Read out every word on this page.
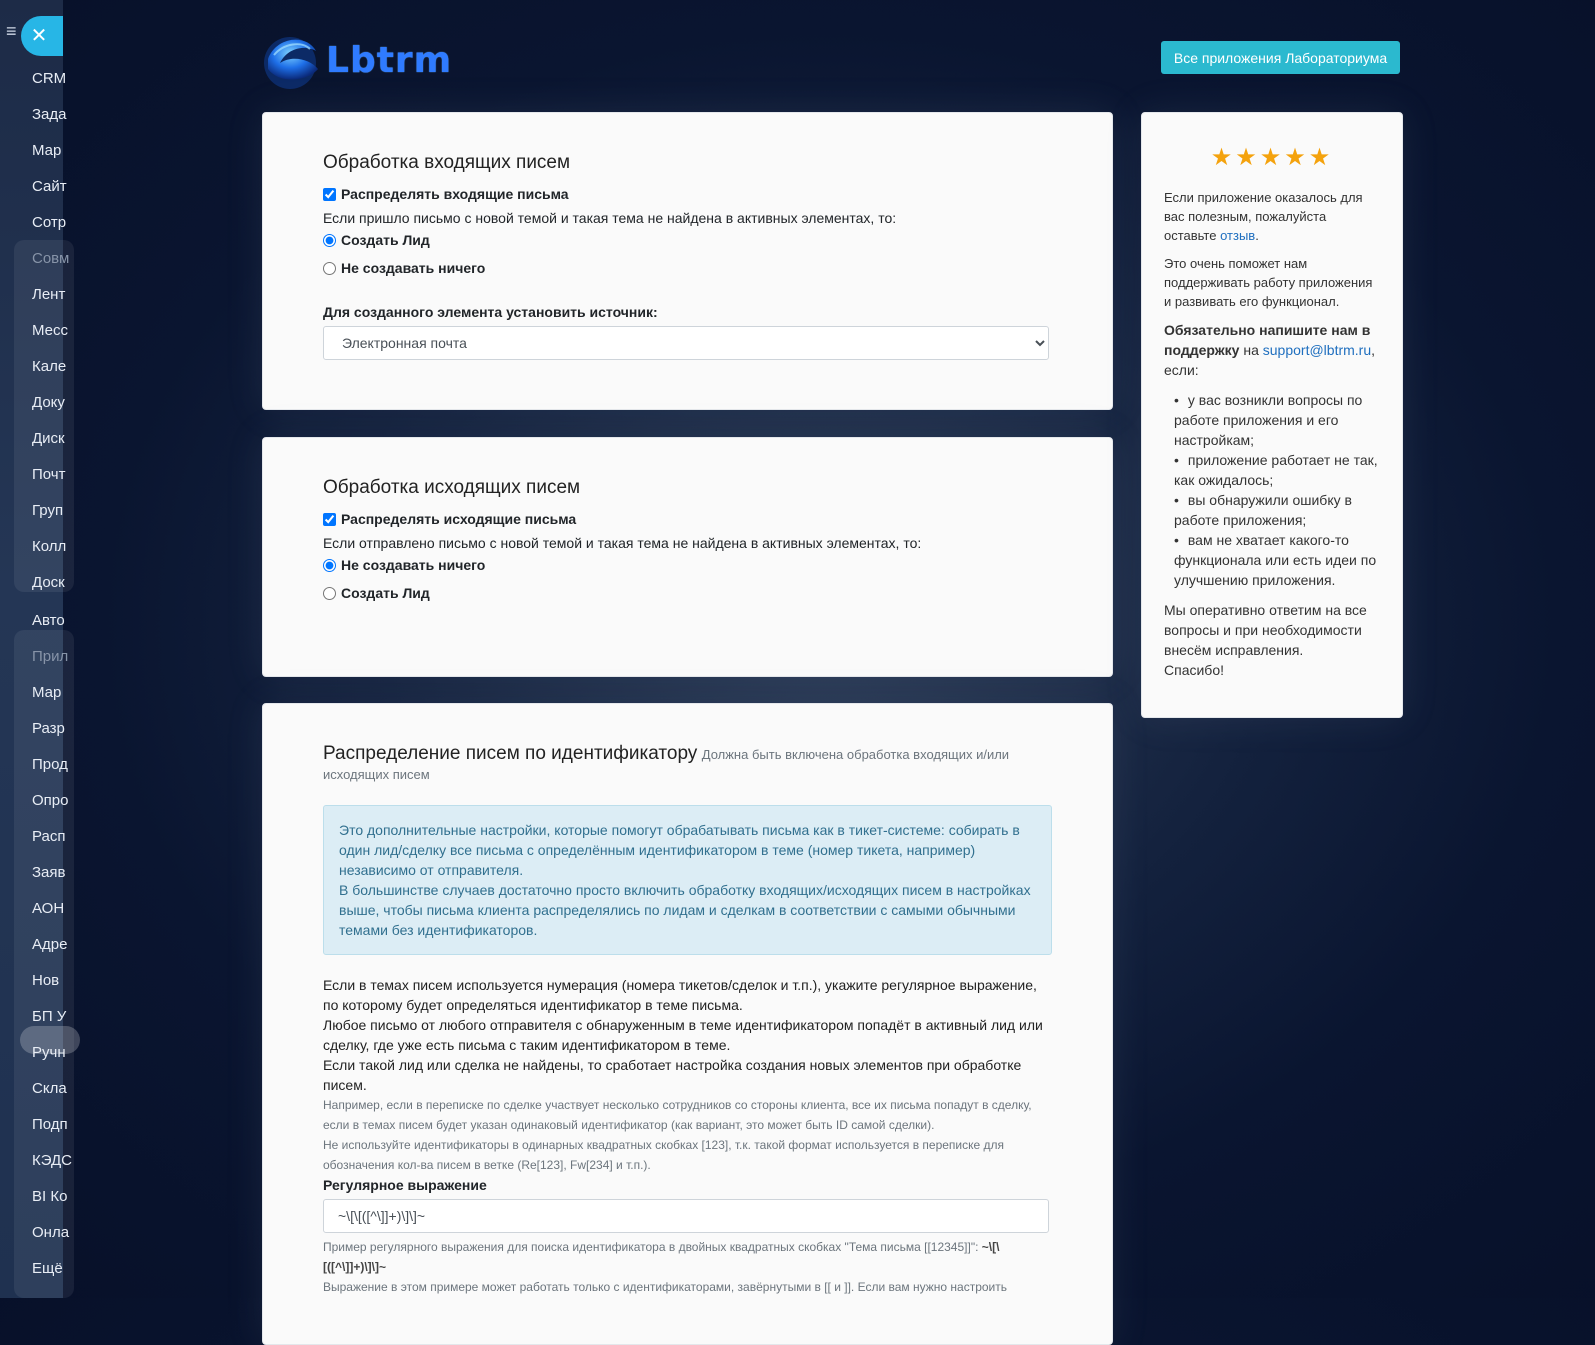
≡
CRM
Зада
Мар
Сайт
Сотр
Совм
Лент
Месс
Кале
Доку
Диск
Почт
Груп
Колл
Доск
Авто
Прил
Мар
Разр
Прод
Опро
Расп
Заяв
АОН
Адре
Нов
БП У
Ручн
Скла
Подп
КЭДС
BI Ко
Онла
Ещё
✕
Lbtrm	Все приложения Лабораториума
Обработка входящих писем
Распределять входящие письма
Если пришло письмо с новой темой и такая тема не найдена в активных элементах, то:
Создать Лид
Не создавать ничего
Для созданного элемента установить источник:
Электронная почта
Обработка исходящих писем
Распределять исходящие письма
Если отправлено письмо с новой темой и такая тема не найдена в активных элементах, то:
Не создавать ничего
Создать Лид
Распределение писем по идентификатору Должна быть включена обработка входящих и/или исходящих писем
Это дополнительные настройки, которые помогут обрабатывать письма как в тикет-системе: собирать в один лид/сделку все письма с определённым идентификатором в теме (номер тикета, например) независимо от отправителя.
В большинстве случаев достаточно просто включить обработку входящих/исходящих писем в настройках выше, чтобы письма клиента распределялись по лидам и сделкам в соответствии с самыми обычными темами без идентификаторов.
Если в темах писем используется нумерация (номера тикетов/сделок и т.п.), укажите регулярное выражение, по которому будет определяться идентификатор в теме письма.
Любое письмо от любого отправителя с обнаруженным в теме идентификатором попадёт в активный лид или сделку, где уже есть письма с таким идентификатором в теме.
Если такой лид или сделка не найдены, то сработает настройка создания новых элементов при обработке писем.
Например, если в переписке по сделке участвует несколько сотрудников со стороны клиента, все их письма попадут в сделку, если в темах писем будет указан одинаковый идентификатор (как вариант, это может быть ID самой сделки).
Не используйте идентификаторы в одинарных квадратных скобках [123], т.к. такой формат используется в переписке для обозначения кол-ва писем в ветке (Re[123], Fw[234] и т.п.).
Регулярное выражение
~\[\[([^\]]+)\]\]~
Пример регулярного выражения для поиска идентификатора в двойных квадратных скобках "Тема письма [[12345]]": ~\[\[([^\]]+)\]\]~
Выражение в этом примере может работать только с идентификаторами, завёрнутыми в [[ и ]]. Если вам нужно настроить
★★★★★

Если приложение оказалось для вас полезным, пожалуйста оставьте отзыв.

Это очень поможет нам поддерживать работу приложения и развивать его функционал.

Обязательно напишите нам в поддержку на support@lbtrm.ru, если:

• у вас возникли вопросы по работе приложения и его настройкам;
• приложение работает не так, как ожидалось;
• вы обнаружили ошибку в работе приложения;
• вам не хватает какого-то функционала или есть идеи по улучшению приложения.

Мы оперативно ответим на все вопросы и при необходимости внесём исправления.

Спасибо!
